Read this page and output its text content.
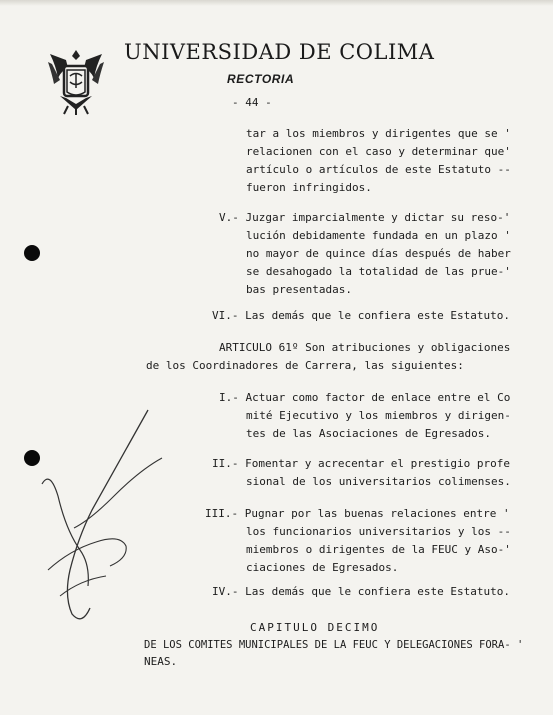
UNIVERSIDAD DE COLIMA
RECTORIA
- 44 -
tar a los miembros y dirigentes que se '
relacionen con el caso y determinar que'
artículo o artículos de este Estatuto --
fueron infringidos.
V.- Juzgar imparcialmente y dictar su reso-'
lución debidamente fundada en un plazo '
no mayor de quince días después de haber
se desahogado la totalidad de las prue-'
bas presentadas.
VI.- Las demás que le confiera este Estatuto.
ARTICULO 61º Son atribuciones y obligaciones
de los Coordinadores de Carrera, las siguientes:
I.- Actuar como factor de enlace entre el Co
mité Ejecutivo y los miembros y dirigen-
tes de las Asociaciones de Egresados.
II.- Fomentar y acrecentar el prestigio profe
sional de los universitarios colimenses.
III.- Pugnar por las buenas relaciones entre '
los funcionarios universitarios y los --
miembros o dirigentes de la FEUC y Aso-'
ciaciones de Egresados.
IV.- Las demás que le confiera este Estatuto.
CAPITULO DECIMO
DE LOS COMITES MUNICIPALES DE LA FEUC Y DELEGACIONES FORA- '
NEAS.
